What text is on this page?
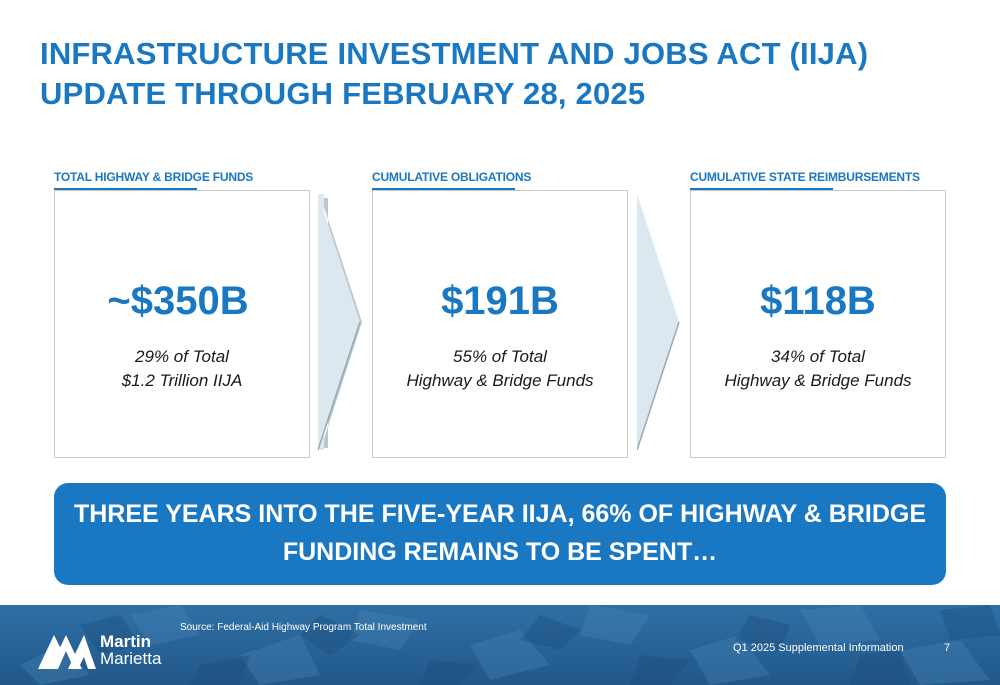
INFRASTRUCTURE INVESTMENT AND JOBS ACT (IIJA)
UPDATE THROUGH FEBRUARY 28, 2025
TOTAL HIGHWAY & BRIDGE FUNDS
~$350B
29% of Total
$1.2 Trillion IIJA
CUMULATIVE OBLIGATIONS
$191B
55% of Total
Highway & Bridge Funds
CUMULATIVE STATE REIMBURSEMENTS
$118B
34% of Total
Highway & Bridge Funds
THREE YEARS INTO THE FIVE-YEAR IIJA, 66% OF HIGHWAY & BRIDGE
FUNDING REMAINS TO BE SPENT…
Martin
Marietta
Source: Federal-Aid Highway Program Total Investment
Q1 2025 Supplemental Information	7
